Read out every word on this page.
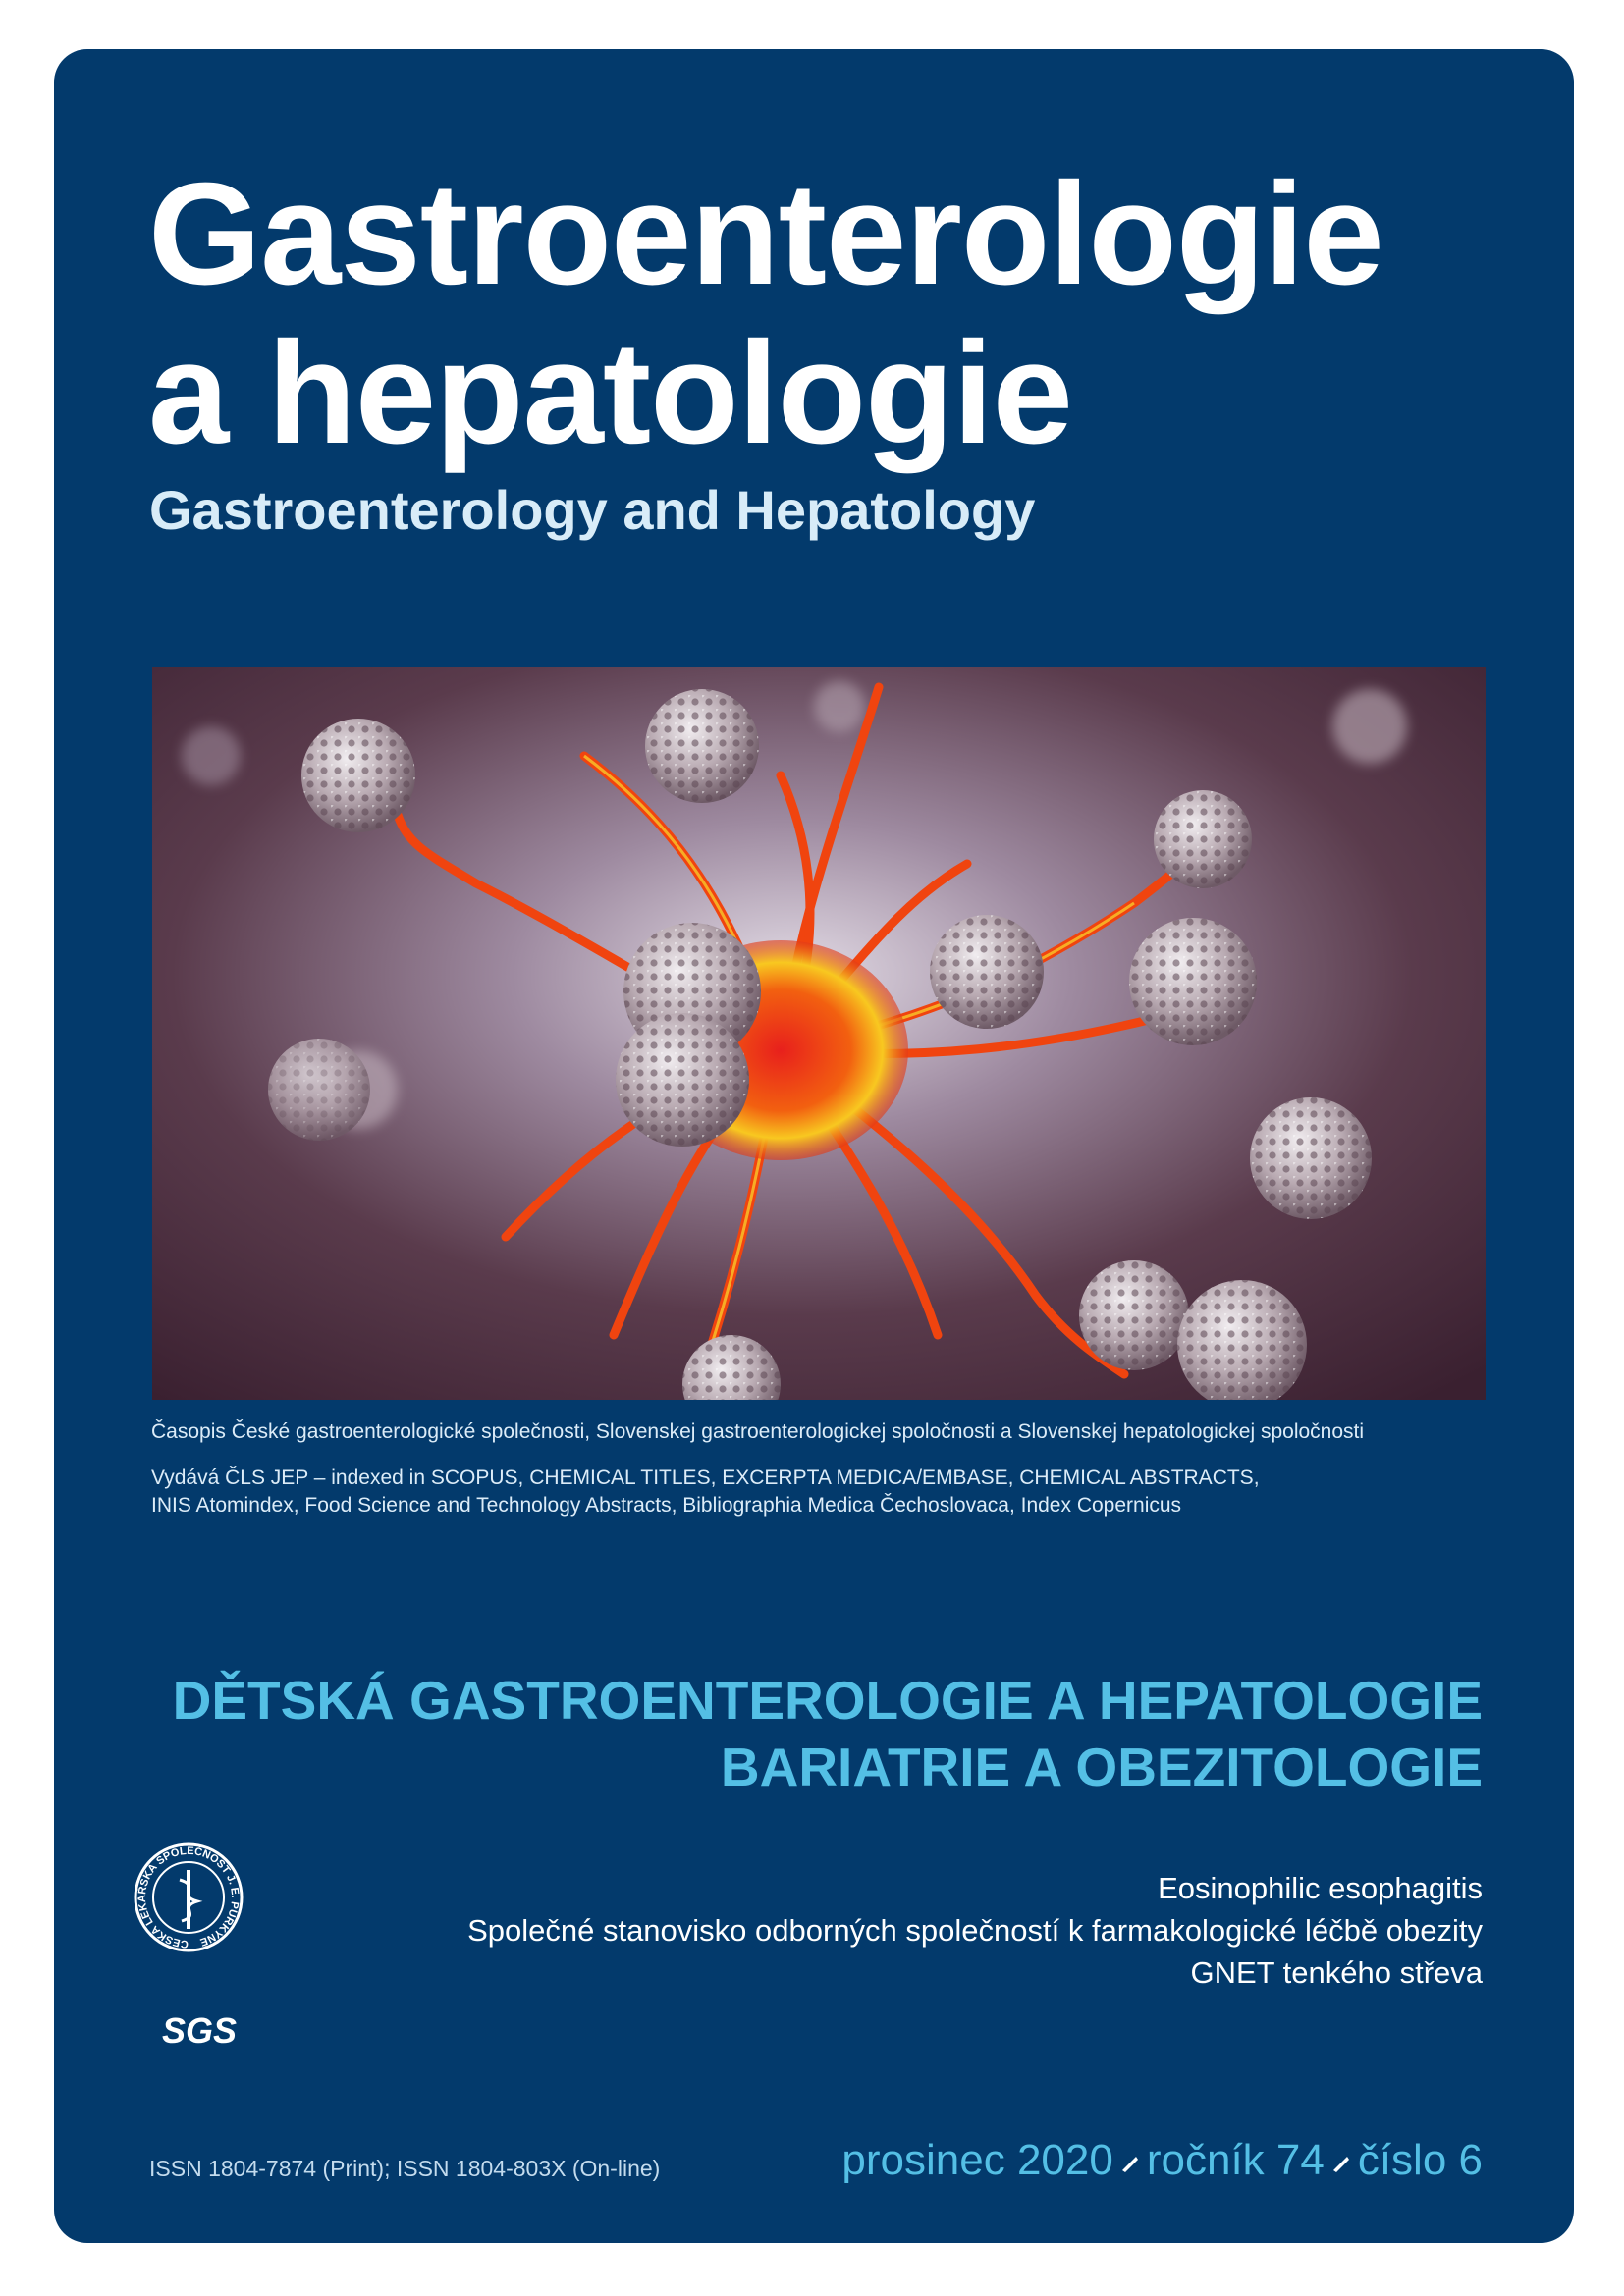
Gastroenterologie
a hepatologie
Gastroenterology and Hepatology

Časopis České gastroenterologické společnosti, Slovenskej gastroenterologickej spoločnosti a Slovenskej hepatologickej spoločnosti

Vydává ČLS JEP – indexed in SCOPUS, CHEMICAL TITLES, EXCERPTA MEDICA/EMBASE, CHEMICAL ABSTRACTS,
INIS Atomindex, Food Science and Technology Abstracts, Bibliographia Medica Čechoslovaca, Index Copernicus

DĚTSKÁ GASTROENTEROLOGIE A HEPATOLOGIE
BARIATRIE A OBEZITOLOGIE
ČESKÁ LÉKAŘSKÁ SPOLEČNOST J. E. PURKYNĚ
SGS
Eosinophilic esophagitis
Společné stanovisko odborných společností k farmakologické léčbě obezity
GNET tenkého střeva
ISSN 1804-7874 (Print); ISSN 1804-803X (On-line)	prosinec 2020 ročník 74 číslo 6
